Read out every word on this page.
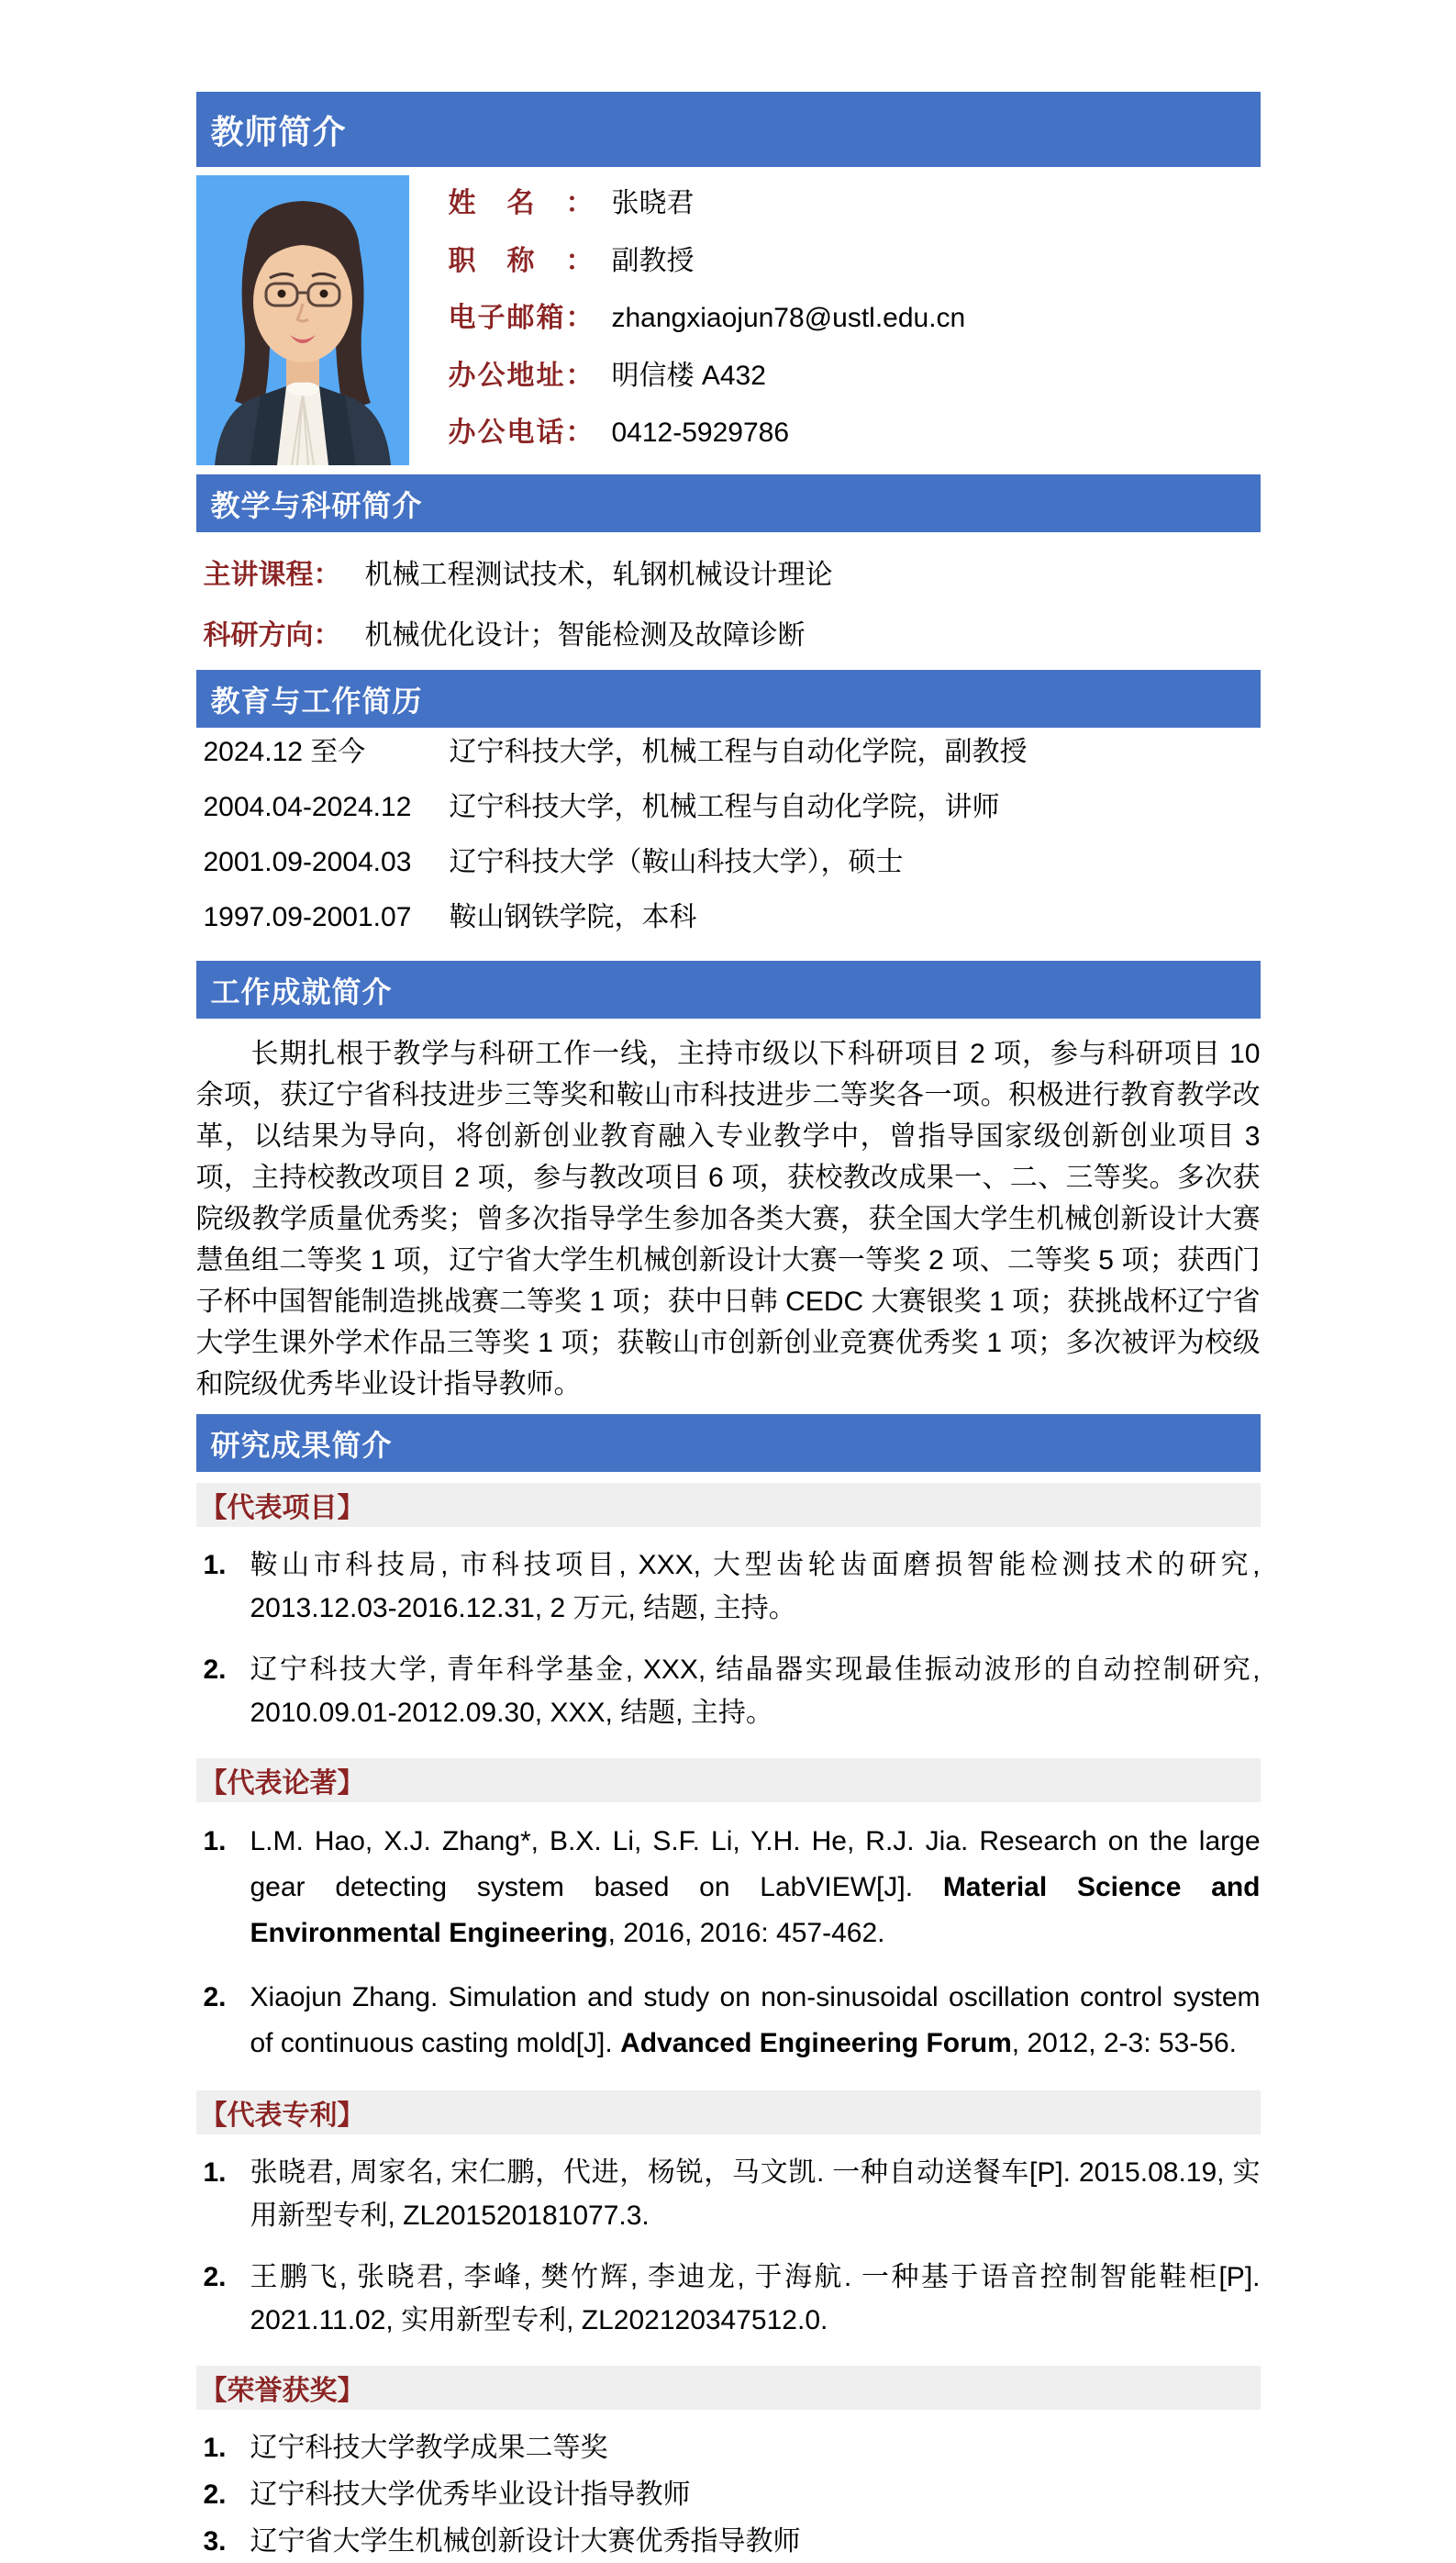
教师简介
姓名： 张晓君
职称： 副教授
电子邮箱： zhangxiaojun78@ustl.edu.cn
办公地址： 明信楼 A432
办公电话： 0412-5929786
教学与科研简介
主讲课程： 机械工程测试技术，轧钢机械设计理论
科研方向： 机械优化设计；智能检测及故障诊断
教育与工作简历
2024.12 至今	辽宁科技大学，机械工程与自动化学院，副教授
2004.04-2024.12 辽宁科技大学，机械工程与自动化学院，讲师
2001.09-2004.03 辽宁科技大学（鞍山科技大学），硕士
1997.09-2001.07 鞍山钢铁学院，本科
工作成就简介
长期扎根于教学与科研工作一线，主持市级以下科研项目 2 项，参与科研项目 10 余项，获辽宁省科技进步三等奖和鞍山市科技进步二等奖各一项。积极进行教育教学改革，以结果为导向，将创新创业教育融入专业教学中，曾指导国家级创新创业项目 3 项，主持校教改项目 2 项，参与教改项目 6 项，获校教改成果一、二、三等奖。多次获院级教学质量优秀奖；曾多次指导学生参加各类大赛，获全国大学生机械创新设计大赛慧鱼组二等奖 1 项，辽宁省大学生机械创新设计大赛一等奖 2 项、二等奖 5 项；获西门子杯中国智能制造挑战赛二等奖 1 项；获中日韩 CEDC 大赛银奖 1 项；获挑战杯辽宁省大学生课外学术作品三等奖 1 项；获鞍山市创新创业竞赛优秀奖 1 项；多次被评为校级和院级优秀毕业设计指导教师。
研究成果简介
【代表项目】
1. 鞍山市科技局, 市科技项目, XXX, 大型齿轮齿面磨损智能检测技术的研究, 2013.12.03-2016.12.31, 2 万元, 结题, 主持。
2. 辽宁科技大学, 青年科学基金, XXX, 结晶器实现最佳振动波形的自动控制研究, 2010.09.01-2012.09.30, XXX, 结题, 主持。
【代表论著】
1. L.M. Hao, X.J. Zhang*, B.X. Li, S.F. Li, Y.H. He, R.J. Jia. Research on the large gear detecting system based on LabVIEW[J]. Material Science and Environmental Engineering, 2016, 2016: 457-462.
2. Xiaojun Zhang. Simulation and study on non-sinusoidal oscillation control system of continuous casting mold[J]. Advanced Engineering Forum, 2012, 2-3: 53-56.
【代表专利】
1. 张晓君, 周家名, 宋仁鹏，代进，杨锐，马文凯. 一种自动送餐车[P]. 2015.08.19, 实用新型专利, ZL201520181077.3.
2. 王鹏飞, 张晓君, 李峰, 樊竹辉, 李迪龙, 于海航. 一种基于语音控制智能鞋柜[P]. 2021.11.02, 实用新型专利, ZL202120347512.0.
【荣誉获奖】
1. 辽宁科技大学教学成果二等奖
2. 辽宁科技大学优秀毕业设计指导教师
3. 辽宁省大学生机械创新设计大赛优秀指导教师
